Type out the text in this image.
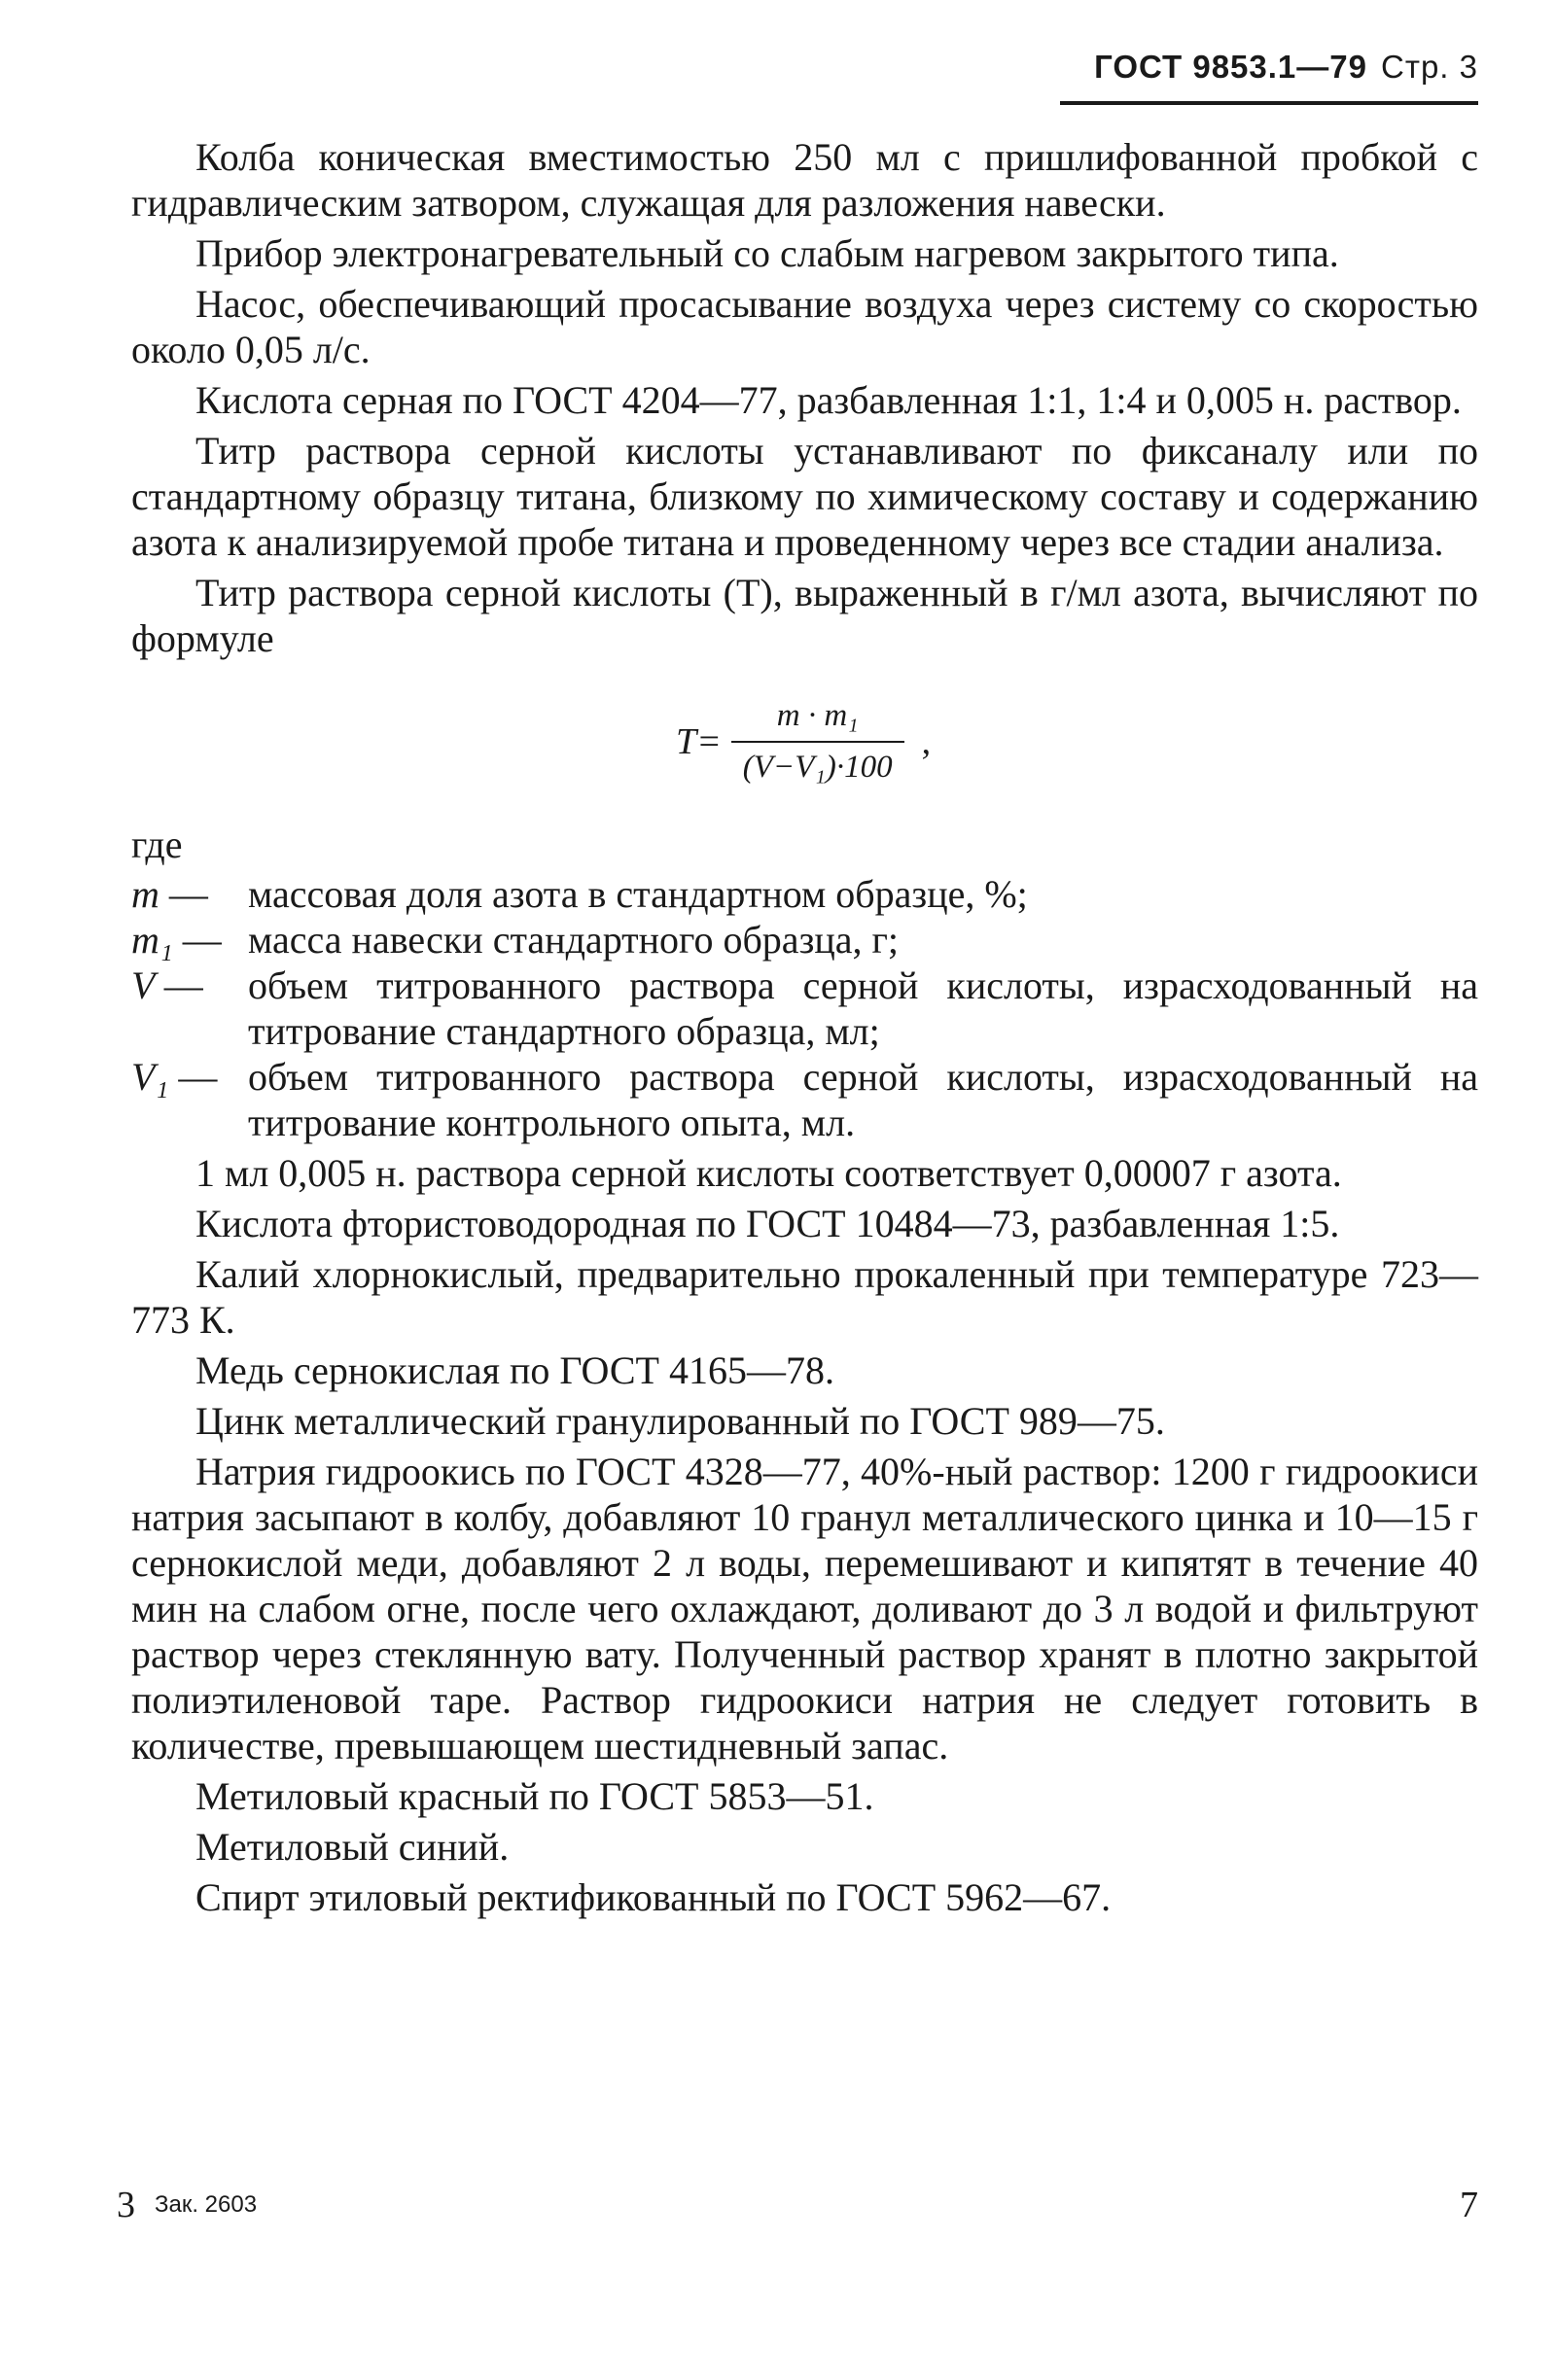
ГОСТ 9853.1—79 Стр. 3

Колба коническая вместимостью 250 мл с пришлифованной пробкой с гидравлическим затвором, служащая для разложения навески.

Прибор электронагревательный со слабым нагревом закрытого типа.

Насос, обеспечивающий просасывание воздуха через систему со скоростью около 0,05 л/с.

Кислота серная по ГОСТ 4204—77, разбавленная 1:1, 1:4 и 0,005 н. раствор.

Титр раствора серной кислоты устанавливают по фиксаналу или по стандартному образцу титана, близкому по химическому составу и содержанию азота к анализируемой пробе титана и проведенному через все стадии анализа.

Титр раствора серной кислоты (T), выраженный в г/мл азота, вычисляют по формуле

$T= \frac{\text{m · m₁}}{\text{(V−V₁)·100}}$ ,
где
m —	массовая доля азота в стандартном образце, %;
m₁ — масса навески стандартного образца, г;
V —	объем титрованного раствора серной кислоты, израсходованный на титрование стандартного образца, мл;
V₁ — объем титрованного раствора серной кислоты, израсходованный на титрование контрольного опыта, мл.

1 мл 0,005 н. раствора серной кислоты соответствует 0,00007 г азота.

Кислота фтористоводородная по ГОСТ 10484—73, разбавленная 1:5.

Калий хлорнокислый, предварительно прокаленный при температуре 723—773 К.

Медь сернокислая по ГОСТ 4165—78.

Цинк металлический гранулированный по ГОСТ 989—75.

Натрия гидроокись по ГОСТ 4328—77, 40%-ный раствор: 1200 г гидроокиси натрия засыпают в колбу, добавляют 10 гранул металлического цинка и 10—15 г сернокислой меди, добавляют 2 л воды, перемешивают и кипятят в течение 40 мин на слабом огне, после чего охлаждают, доливают до 3 л водой и фильтруют раствор через стеклянную вату. Полученный раствор хранят в плотно закрытой полиэтиленовой таре. Раствор гидроокиси натрия не следует готовить в количестве, превышающем шестидневный запас.

Метиловый красный по ГОСТ 5853—51.

Метиловый синий.

Спирт этиловый ректификованный по ГОСТ 5962—67.

3 Зак. 2603	7
